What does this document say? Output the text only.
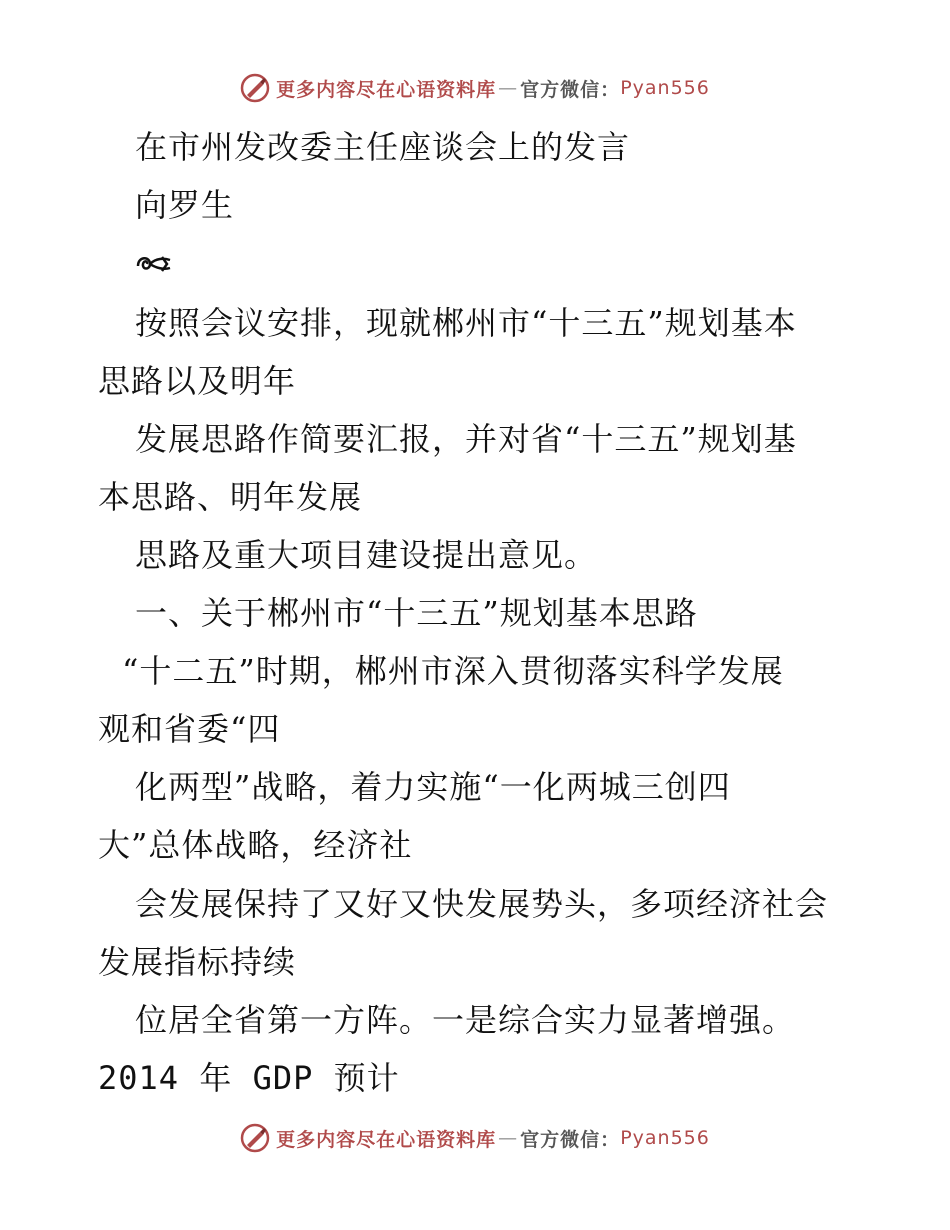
更多内容尽在心语资料库 — 官方微信： Pyan556
在市州发改委主任座谈会上的发言
向罗生
按照会议安排，现就郴州市“十三五”规划基本
思路以及明年
发展思路作简要汇报，并对省“十三五”规划基
本思路、明年发展
思路及重大项目建设提出意见。
一、关于郴州市“十三五”规划基本思路
“十二五”时期，郴州市深入贯彻落实科学发展
观和省委“四
化两型”战略，着力实施“一化两城三创四
大”总体战略，经济社
会发展保持了又好又快发展势头，多项经济社会
发展指标持续
位居全省第一方阵。一是综合实力显著增强。
2014 年 GDP 预计
更多内容尽在心语资料库 — 官方微信： Pyan556
